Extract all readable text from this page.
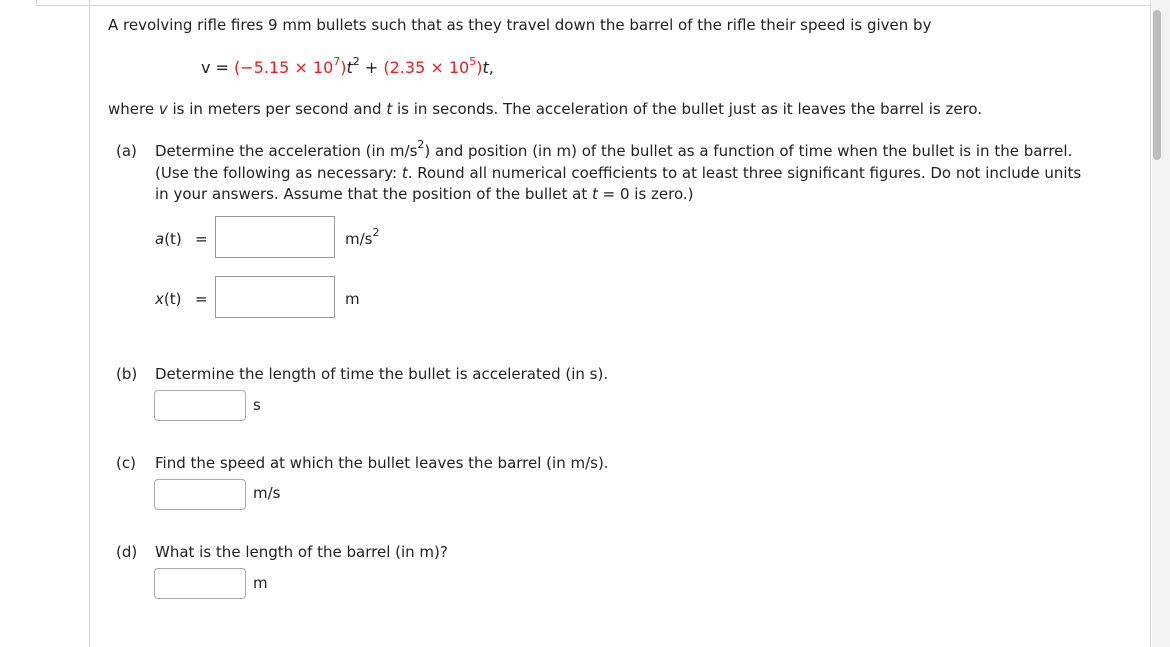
A revolving rifle fires 9 mm bullets such that as they travel down the barrel of the rifle their speed is given by
$v = (-5.15 \times 10^7)t^2 + (2.35 \times 10^5)t$,
where v is in meters per second and t is in seconds. The acceleration of the bullet just as it leaves the barrel is zero.
(a) Determine the acceleration (in $m/s^2$) and position (in m) of the bullet as a function of time when the bullet is in the barrel.
(Use the following as necessary: t. Round all numerical coefficients to at least three significant figures. Do not include units
in your answers. Assume that the position of the bullet at t = 0 is zero.)
a(t) =	$m/s^2$
x(t) =	m
(b) Determine the length of time the bullet is accelerated (in s).
s
(c) Find the speed at which the bullet leaves the barrel (in m/s).
m/s
(d) What is the length of the barrel (in m)?
m
